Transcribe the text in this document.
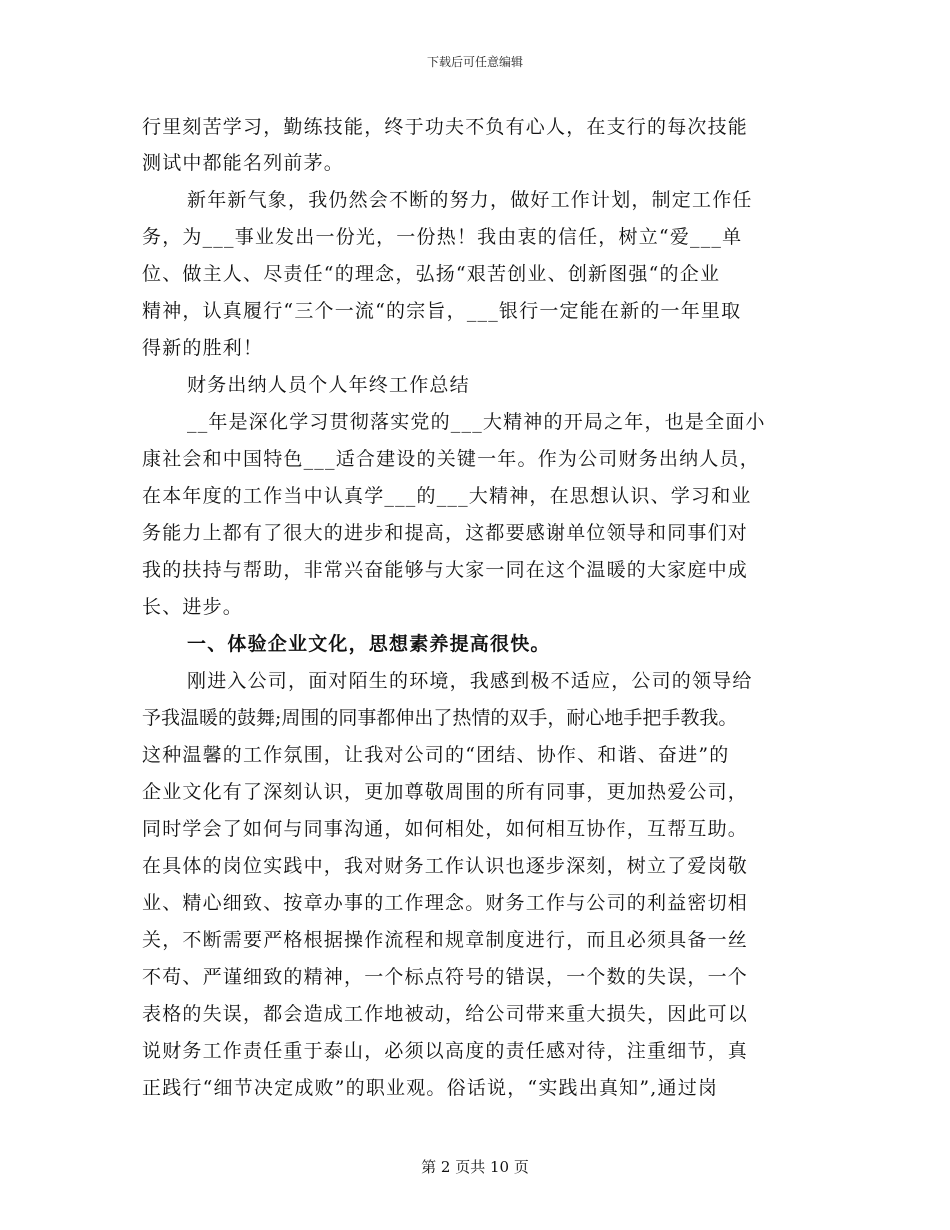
下载后可任意编辑
行里刻苦学习，勤练技能，终于功夫不负有心人，在支行的每次技能
测试中都能名列前茅。
新年新气象，我仍然会不断的努力，做好工作计划，制定工作任
务，为___事业发出一份光，一份热！我由衷的信任，树立“爱___单
位、做主人、尽责任“的理念，弘扬“艰苦创业、创新图强“的企业
精神，认真履行“三个一流“的宗旨，___银行一定能在新的一年里取
得新的胜利！
财务出纳人员个人年终工作总结
__年是深化学习贯彻落实党的___大精神的开局之年，也是全面小
康社会和中国特色___适合建设的关键一年。作为公司财务出纳人员，
在本年度的工作当中认真学___的___大精神，在思想认识、学习和业
务能力上都有了很大的进步和提高，这都要感谢单位领导和同事们对
我的扶持与帮助，非常兴奋能够与大家一同在这个温暖的大家庭中成
长、进步。
一、体验企业文化，思想素养提高很快。
刚进入公司，面对陌生的环境，我感到极不适应，公司的领导给
予我温暖的鼓舞;周围的同事都伸出了热情的双手，耐心地手把手教我。
这种温馨的工作氛围，让我对公司的“团结、协作、和谐、奋进”的
企业文化有了深刻认识，更加尊敬周围的所有同事，更加热爱公司，
同时学会了如何与同事沟通，如何相处，如何相互协作，互帮互助。
在具体的岗位实践中，我对财务工作认识也逐步深刻，树立了爱岗敬
业、精心细致、按章办事的工作理念。财务工作与公司的利益密切相
关，不断需要严格根据操作流程和规章制度进行，而且必须具备一丝
不苟、严谨细致的精神，一个标点符号的错误，一个数的失误，一个
表格的失误，都会造成工作地被动，给公司带来重大损失，因此可以
说财务工作责任重于泰山，必须以高度的责任感对待，注重细节，真
正践行“细节决定成败”的职业观。俗话说，“实践出真知”,通过岗
第 2 页共 10 页
